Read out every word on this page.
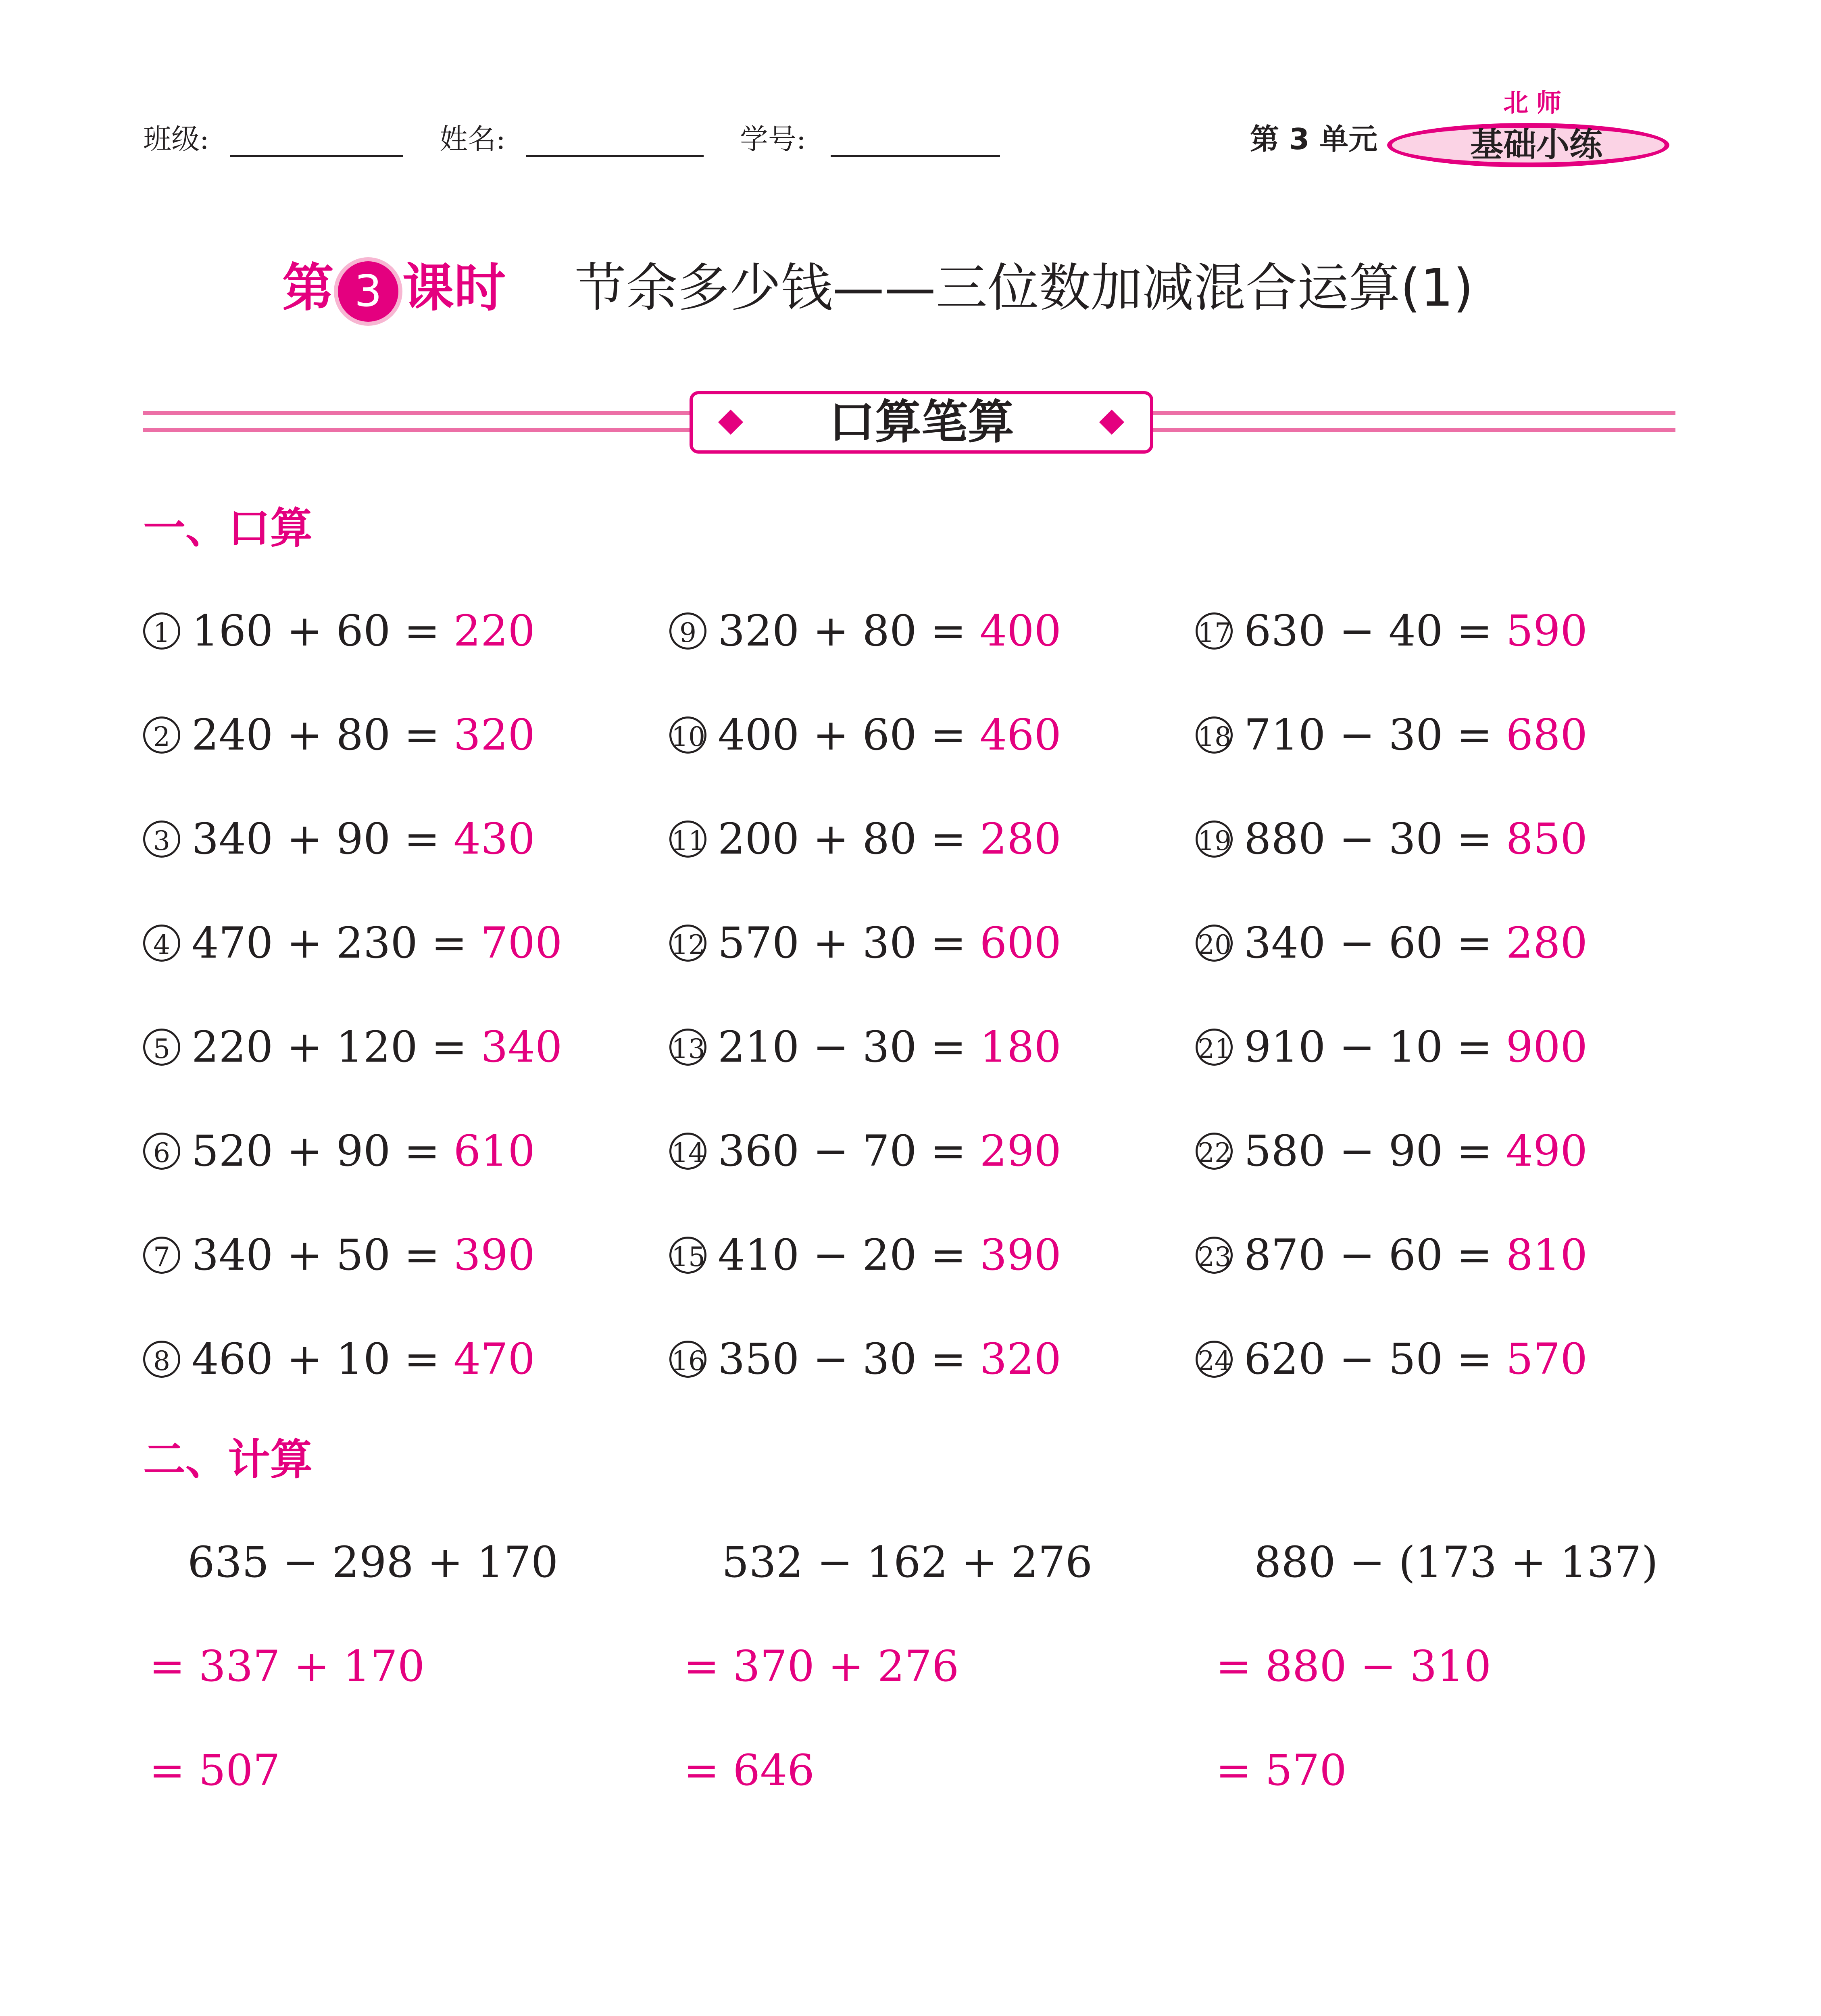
班级:	姓名:	学号:	第 3 单元
北师
基础小练
第 3 课时 节余多少钱——三位数加减混合运算(1)
口算笔算
一、口算
1 160 + 60 = 220
2 240 + 80 = 320
3 340 + 90 = 430
4 470 + 230 = 700
5 220 + 120 = 340
6 520 + 90 = 610
7 340 + 50 = 390
8 460 + 10 = 470
9 320 + 80 = 400
10 400 + 60 = 460
11 200 + 80 = 280
12 570 + 30 = 600
13 210 − 30 = 180
14 360 − 70 = 290
15 410 − 20 = 390
16 350 − 30 = 320
17 630 − 40 = 590
18 710 − 30 = 680
19 880 − 30 = 850
20 340 − 60 = 280
21 910 − 10 = 900
22 580 − 90 = 490
23 870 − 60 = 810
24 620 − 50 = 570
二、计算
635 − 298 + 170
= 337 + 170
= 507
532 − 162 + 276
= 370 + 276
= 646
880 − (173 + 137)
= 880 − 310
= 570
